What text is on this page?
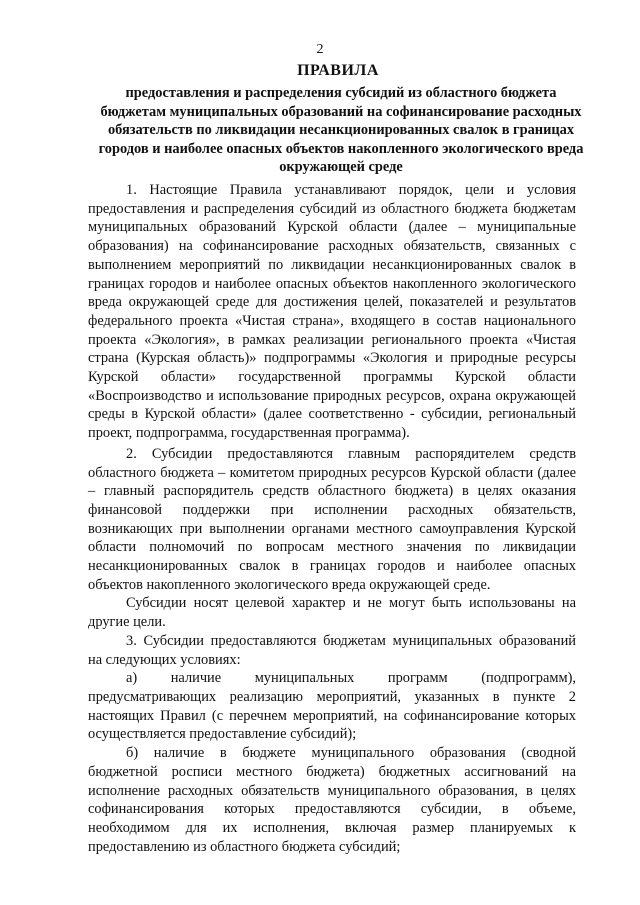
2
ПРАВИЛА
предоставления и распределения субсидий из областного бюджета бюджетам муниципальных образований на софинансирование расходных обязательств по ликвидации несанкционированных свалок в границах городов и наиболее опасных объектов накопленного экологического вреда окружающей среде

1. Настоящие Правила устанавливают порядок, цели и условия предоставления и распределения субсидий из областного бюджета бюджетам муниципальных образований Курской области (далее – муниципальные образования) на софинансирование расходных обязательств, связанных с выполнением мероприятий по ликвидации несанкционированных свалок в границах городов и наиболее опасных объектов накопленного экологического вреда окружающей среде для достижения целей, показателей и результатов федерального проекта «Чистая страна», входящего в состав национального проекта «Экология», в рамках реализации регионального проекта «Чистая страна (Курская область)» подпрограммы «Экология и природные ресурсы Курской области» государственной программы Курской области «Воспроизводство и использование природных ресурсов, охрана окружающей среды в Курской области» (далее соответственно - субсидии, региональный проект, подпрограмма, государственная программа).

2. Субсидии предоставляются главным распорядителем средств областного бюджета – комитетом природных ресурсов Курской области (далее – главный распорядитель средств областного бюджета) в целях оказания финансовой поддержки при исполнении расходных обязательств, возникающих при выполнении органами местного самоуправления Курской области полномочий по вопросам местного значения по ликвидации несанкционированных свалок в границах городов и наиболее опасных объектов накопленного экологического вреда окружающей среде.

Субсидии носят целевой характер и не могут быть использованы на другие цели.

3. Субсидии предоставляются бюджетам муниципальных образований на следующих условиях:

а) наличие муниципальных программ (подпрограмм), предусматривающих реализацию мероприятий, указанных в пункте 2 настоящих Правил (с перечнем мероприятий, на софинансирование которых осуществляется предоставление субсидий);

б) наличие в бюджете муниципального образования (сводной бюджетной росписи местного бюджета) бюджетных ассигнований на исполнение расходных обязательств муниципального образования, в целях софинансирования которых предоставляются субсидии, в объеме, необходимом для их исполнения, включая размер планируемых к предоставлению из областного бюджета субсидий;
